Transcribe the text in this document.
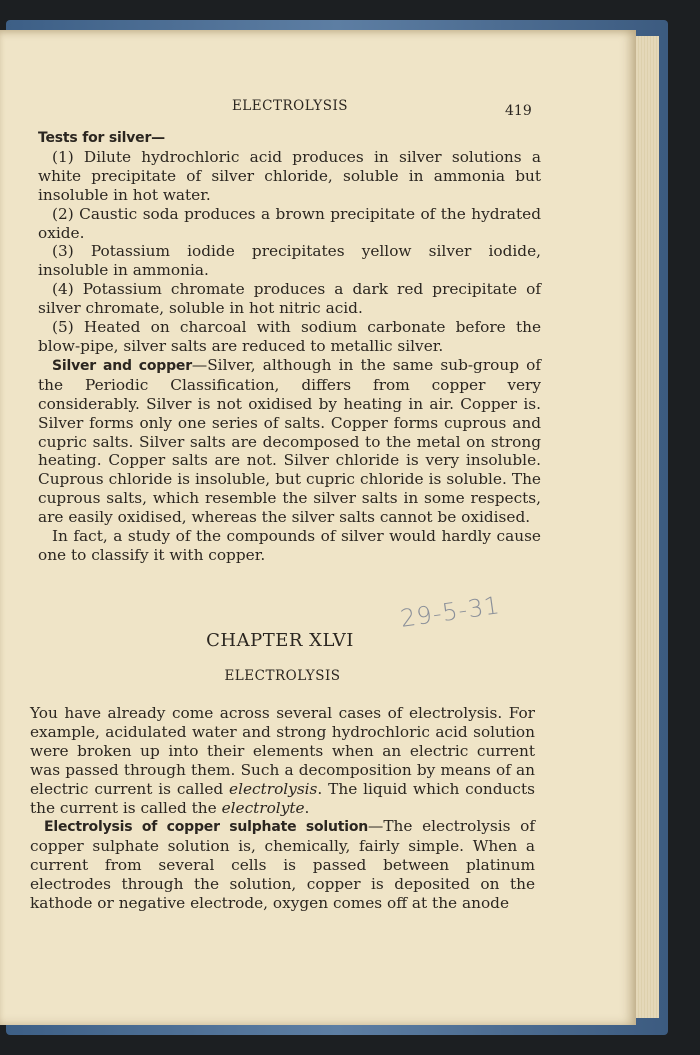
ELECTROLYSIS	419

Tests for silver—

(1) Dilute hydrochloric acid produces in silver solutions a white precipitate of silver chloride, soluble in ammonia but insoluble in hot water.

(2) Caustic soda produces a brown precipitate of the hydrated oxide.

(3) Potassium iodide precipitates yellow silver iodide, insoluble in ammonia.

(4) Potassium chromate produces a dark red precipitate of silver chromate, soluble in hot nitric acid.

(5) Heated on charcoal with sodium carbonate before the blow-pipe, silver salts are reduced to metallic silver.

Silver and copper—Silver, although in the same sub-group of the Periodic Classification, differs from copper very considerably. Silver is not oxidised by heating in air. Copper is. Silver forms only one series of salts. Copper forms cuprous and cupric salts. Silver salts are decomposed to the metal on strong heating. Copper salts are not. Silver chloride is very insoluble. Cuprous chloride is insoluble, but cupric chloride is soluble. The cuprous salts, which resemble the silver salts in some respects, are easily oxidised, whereas the silver salts cannot be oxidised.

In fact, a study of the compounds of silver would hardly cause one to classify it with copper.

CHAPTER XLVI
29-5-31
ELECTROLYSIS

You have already come across several cases of electrolysis. For example, acidulated water and strong hydrochloric acid solution were broken up into their elements when an electric current was passed through them. Such a decomposition by means of an electric current is called electrolysis. The liquid which conducts the current is called the electrolyte.

Electrolysis of copper sulphate solution—The electrolysis of copper sulphate solution is, chemically, fairly simple. When a current from several cells is passed between platinum electrodes through the solution, copper is deposited on the kathode or negative electrode, oxygen comes off at the anode
